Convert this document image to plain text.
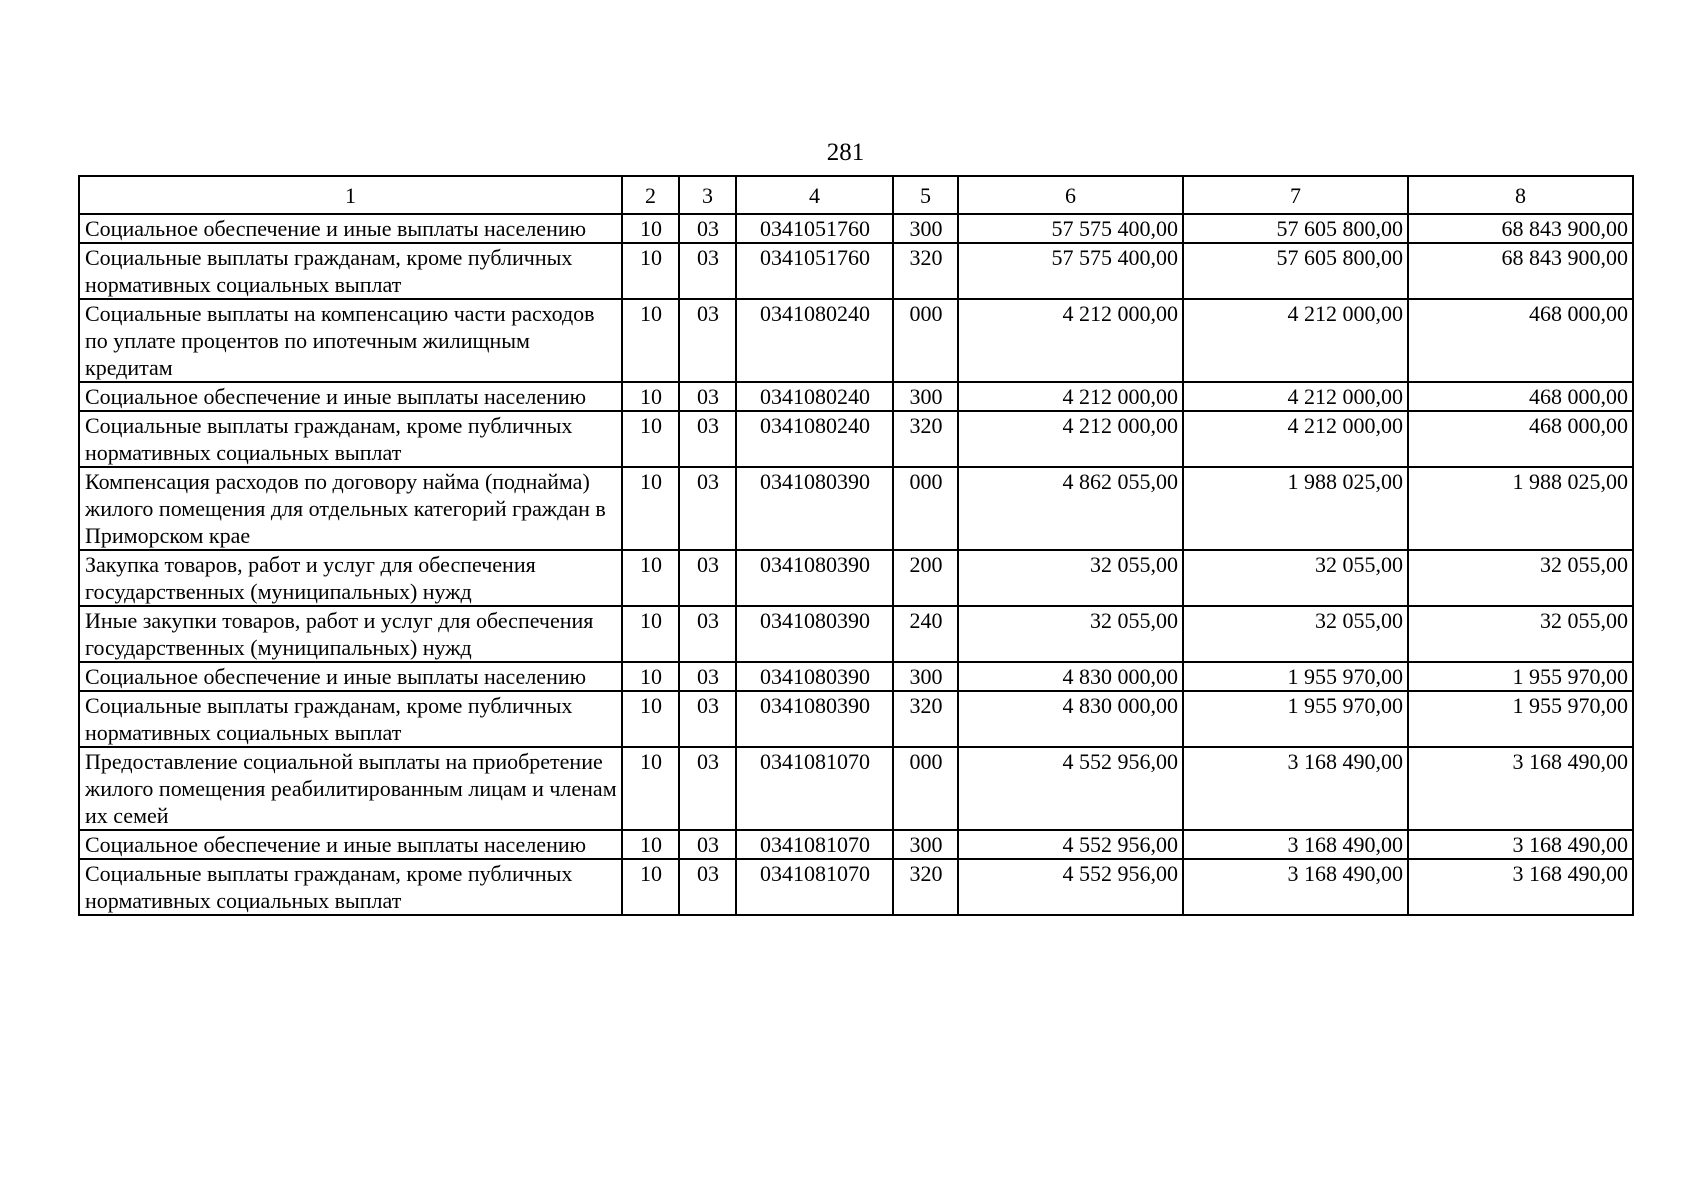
281
1	2	3	4	5	6	7	8
Социальное обеспечение и иные выплаты населению	10	03	0341051760	300	57 575 400,00	57 605 800,00	68 843 900,00
Социальные выплаты гражданам, кроме публичных нормативных социальных выплат	10	03	0341051760	320	57 575 400,00	57 605 800,00	68 843 900,00
Социальные выплаты на компенсацию части расходов по уплате процентов по ипотечным жилищным кредитам	10	03	0341080240	000	4 212 000,00	4 212 000,00	468 000,00
Социальное обеспечение и иные выплаты населению	10	03	0341080240	300	4 212 000,00	4 212 000,00	468 000,00
Социальные выплаты гражданам, кроме публичных нормативных социальных выплат	10	03	0341080240	320	4 212 000,00	4 212 000,00	468 000,00
Компенсация расходов по договору найма (поднайма) жилого помещения для отдельных категорий граждан в Приморском крае	10	03	0341080390	000	4 862 055,00	1 988 025,00	1 988 025,00
Закупка товаров, работ и услуг для обеспечения государственных (муниципальных) нужд	10	03	0341080390	200	32 055,00	32 055,00	32 055,00
Иные закупки товаров, работ и услуг для обеспечения государственных (муниципальных) нужд	10	03	0341080390	240	32 055,00	32 055,00	32 055,00
Социальное обеспечение и иные выплаты населению	10	03	0341080390	300	4 830 000,00	1 955 970,00	1 955 970,00
Социальные выплаты гражданам, кроме публичных нормативных социальных выплат	10	03	0341080390	320	4 830 000,00	1 955 970,00	1 955 970,00
Предоставление социальной выплаты на приобретение жилого помещения реабилитированным лицам и членам их семей	10	03	0341081070	000	4 552 956,00	3 168 490,00	3 168 490,00
Социальное обеспечение и иные выплаты населению	10	03	0341081070	300	4 552 956,00	3 168 490,00	3 168 490,00
Социальные выплаты гражданам, кроме публичных нормативных социальных выплат	10	03	0341081070	320	4 552 956,00	3 168 490,00	3 168 490,00
